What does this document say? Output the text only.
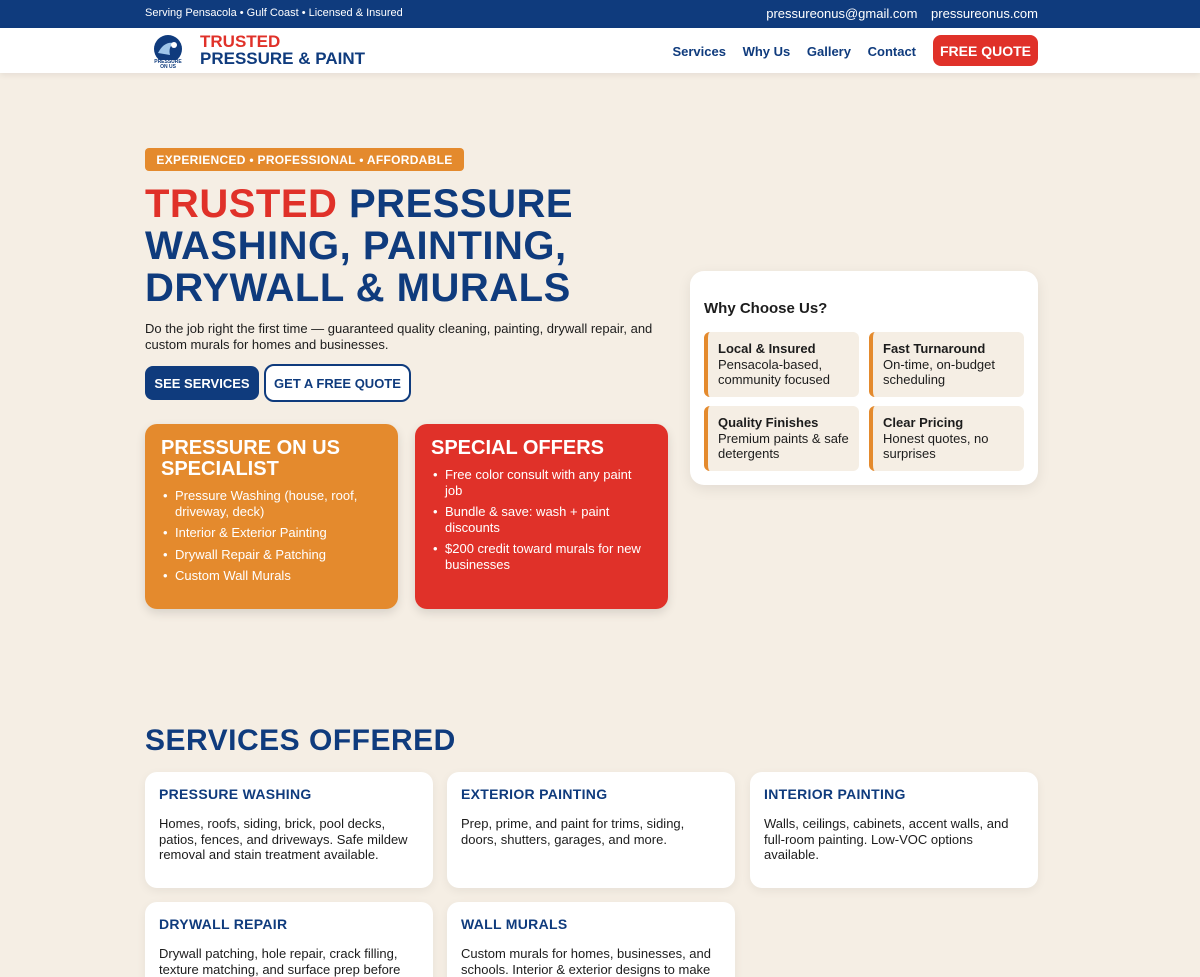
Serving Pensacola • Gulf Coast • Licensed & Insured	pressureonus@gmail.com pressureonus.com
PRESSURE ON US
TRUSTED
PRESSURE & PAINT	Services Why Us Gallery Contact	FREE QUOTE
EXPERIENCED • PROFESSIONAL • AFFORDABLE
TRUSTED PRESSURE WASHING, PAINTING, DRYWALL & MURALS
Do the job right the first time — guaranteed quality cleaning, painting, drywall repair, and custom murals for homes and businesses.
SEE SERVICES	GET A FREE QUOTE
PRESSURE ON US SPECIALIST
• Pressure Washing (house, roof, driveway, deck)
• Interior & Exterior Painting
• Drywall Repair & Patching
• Custom Wall Murals
SPECIAL OFFERS
• Free color consult with any paint job
• Bundle & save: wash + paint discounts
• $200 credit toward murals for new businesses
Why Choose Us?
Local & Insured
Pensacola-based, community focused
Fast Turnaround
On-time, on-budget scheduling
Quality Finishes
Premium paints & safe detergents
Clear Pricing
Honest quotes, no surprises
SERVICES OFFERED
PRESSURE WASHING

Homes, roofs, siding, brick, pool decks, patios, fences, and driveways. Safe mildew removal and stain treatment available.

EXTERIOR PAINTING

Prep, prime, and paint for trims, siding, doors, shutters, garages, and more.

INTERIOR PAINTING

Walls, ceilings, cabinets, accent walls, and full-room painting. Low-VOC options available.

DRYWALL REPAIR

Drywall patching, hole repair, crack filling, texture matching, and surface prep before

WALL MURALS

Custom murals for homes, businesses, and schools. Interior & exterior designs to make
